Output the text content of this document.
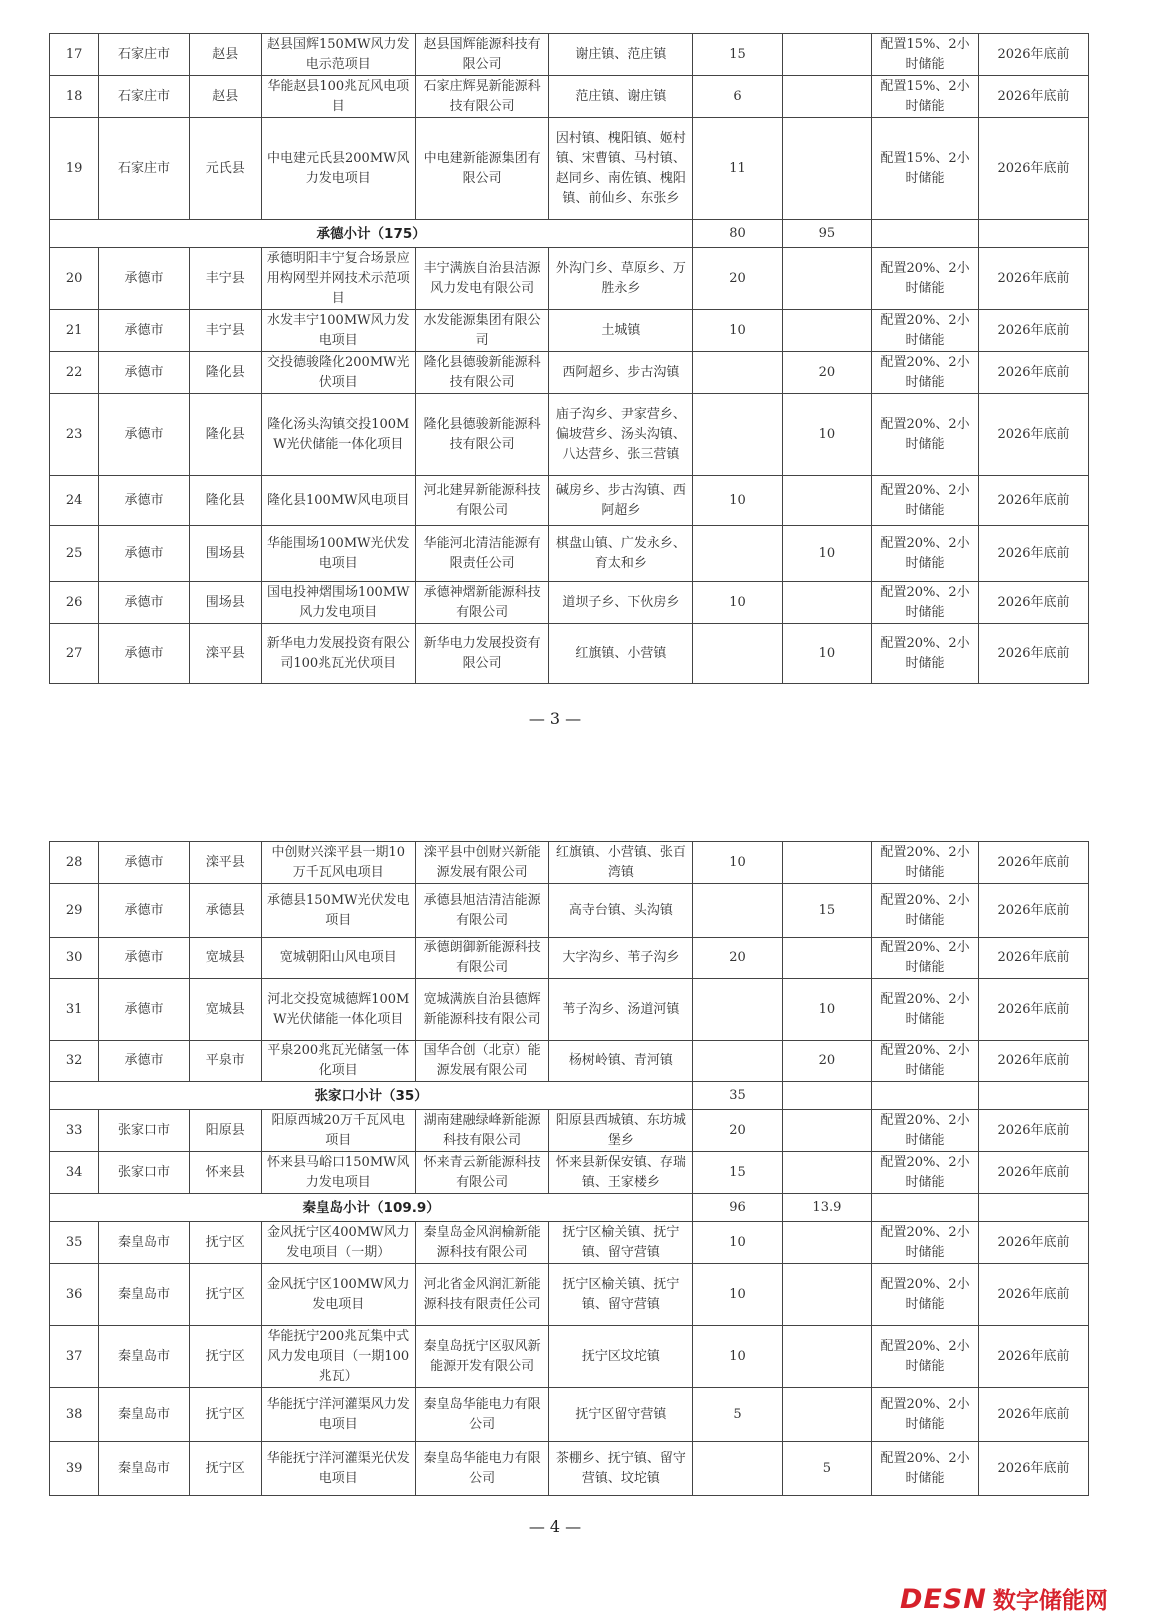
17	石家庄市	赵县	赵县国辉150MW风力发电示范项目	赵县国辉能源科技有限公司	谢庄镇、范庄镇	15		配置15%、2小时储能	2026年底前
18	石家庄市	赵县	华能赵县100兆瓦风电项目	石家庄辉晃新能源科技有限公司	范庄镇、谢庄镇	6		配置15%、2小时储能	2026年底前
19	石家庄市	元氏县	中电建元氏县200MW风力发电项目	中电建新能源集团有限公司	因村镇、槐阳镇、姬村镇、宋曹镇、马村镇、赵同乡、南佐镇、槐阳镇、前仙乡、东张乡	11		配置15%、2小时储能	2026年底前
承德小计（175）						80	95		
20	承德市	丰宁县	承德明阳丰宁复合场景应用构网型并网技术示范项目	丰宁满族自治县洁源风力发电有限公司	外沟门乡、草原乡、万胜永乡	20		配置20%、2小时储能	2026年底前
21	承德市	丰宁县	水发丰宁100MW风力发电项目	水发能源集团有限公司	土城镇	10		配置20%、2小时储能	2026年底前
22	承德市	隆化县	交投德骏隆化200MW光伏项目	隆化县德骏新能源科技有限公司	西阿超乡、步古沟镇		20	配置20%、2小时储能	2026年底前
23	承德市	隆化县	隆化汤头沟镇交投100MW光伏储能一体化项目	隆化县德骏新能源科技有限公司	庙子沟乡、尹家营乡、偏坡营乡、汤头沟镇、八达营乡、张三营镇		10	配置20%、2小时储能	2026年底前
24	承德市	隆化县	隆化县100MW风电项目	河北建昇新能源科技有限公司	碱房乡、步古沟镇、西阿超乡	10		配置20%、2小时储能	2026年底前
25	承德市	围场县	华能围场100MW光伏发电项目	华能河北清洁能源有限责任公司	棋盘山镇、广发永乡、育太和乡		10	配置20%、2小时储能	2026年底前
26	承德市	围场县	国电投神熠围场100MW风力发电项目	承德神熠新能源科技有限公司	道坝子乡、下伙房乡	10		配置20%、2小时储能	2026年底前
27	承德市	滦平县	新华电力发展投资有限公司100兆瓦光伏项目	新华电力发展投资有限公司	红旗镇、小营镇		10	配置20%、2小时储能	2026年底前
— 3 —
28	承德市	滦平县	中创财兴滦平县一期10万千瓦风电项目	滦平县中创财兴新能源发展有限公司	红旗镇、小营镇、张百湾镇	10		配置20%、2小时储能	2026年底前
29	承德市	承德县	承德县150MW光伏发电项目	承德县旭洁清洁能源有限公司	高寺台镇、头沟镇		15	配置20%、2小时储能	2026年底前
30	承德市	宽城县	宽城朝阳山风电项目	承德朗御新能源科技有限公司	大字沟乡、苇子沟乡	20		配置20%、2小时储能	2026年底前
31	承德市	宽城县	河北交投宽城德辉100MW光伏储能一体化项目	宽城满族自治县德辉新能源科技有限公司	苇子沟乡、汤道河镇		10	配置20%、2小时储能	2026年底前
32	承德市	平泉市	平泉200兆瓦光储氢一体化项目	国华合创（北京）能源发展有限公司	杨树岭镇、青河镇		20	配置20%、2小时储能	2026年底前
张家口小计（35）						35			
33	张家口市	阳原县	阳原西城20万千瓦风电项目	湖南建融绿峰新能源科技有限公司	阳原县西城镇、东坊城堡乡	20		配置20%、2小时储能	2026年底前
34	张家口市	怀来县	怀来县马峪口150MW风力发电项目	怀来青云新能源科技有限公司	怀来县新保安镇、存瑞镇、王家楼乡	15		配置20%、2小时储能	2026年底前
秦皇岛小计（109.9）						96	13.9		
35	秦皇岛市	抚宁区	金风抚宁区400MW风力发电项目（一期）	秦皇岛金风润榆新能源科技有限公司	抚宁区榆关镇、抚宁镇、留守营镇	10		配置20%、2小时储能	2026年底前
36	秦皇岛市	抚宁区	金风抚宁区100MW风力发电项目	河北省金风润汇新能源科技有限责任公司	抚宁区榆关镇、抚宁镇、留守营镇	10		配置20%、2小时储能	2026年底前
37	秦皇岛市	抚宁区	华能抚宁200兆瓦集中式风力发电项目（一期100兆瓦）	秦皇岛抚宁区驭风新能源开发有限公司	抚宁区坟坨镇	10		配置20%、2小时储能	2026年底前
38	秦皇岛市	抚宁区	华能抚宁洋河灌渠风力发电项目	秦皇岛华能电力有限公司	抚宁区留守营镇	5		配置20%、2小时储能	2026年底前
39	秦皇岛市	抚宁区	华能抚宁洋河灌渠光伏发电项目	秦皇岛华能电力有限公司	茶棚乡、抚宁镇、留守营镇、坟坨镇		5	配置20%、2小时储能	2026年底前
— 4 —
DESN 数字储能网
